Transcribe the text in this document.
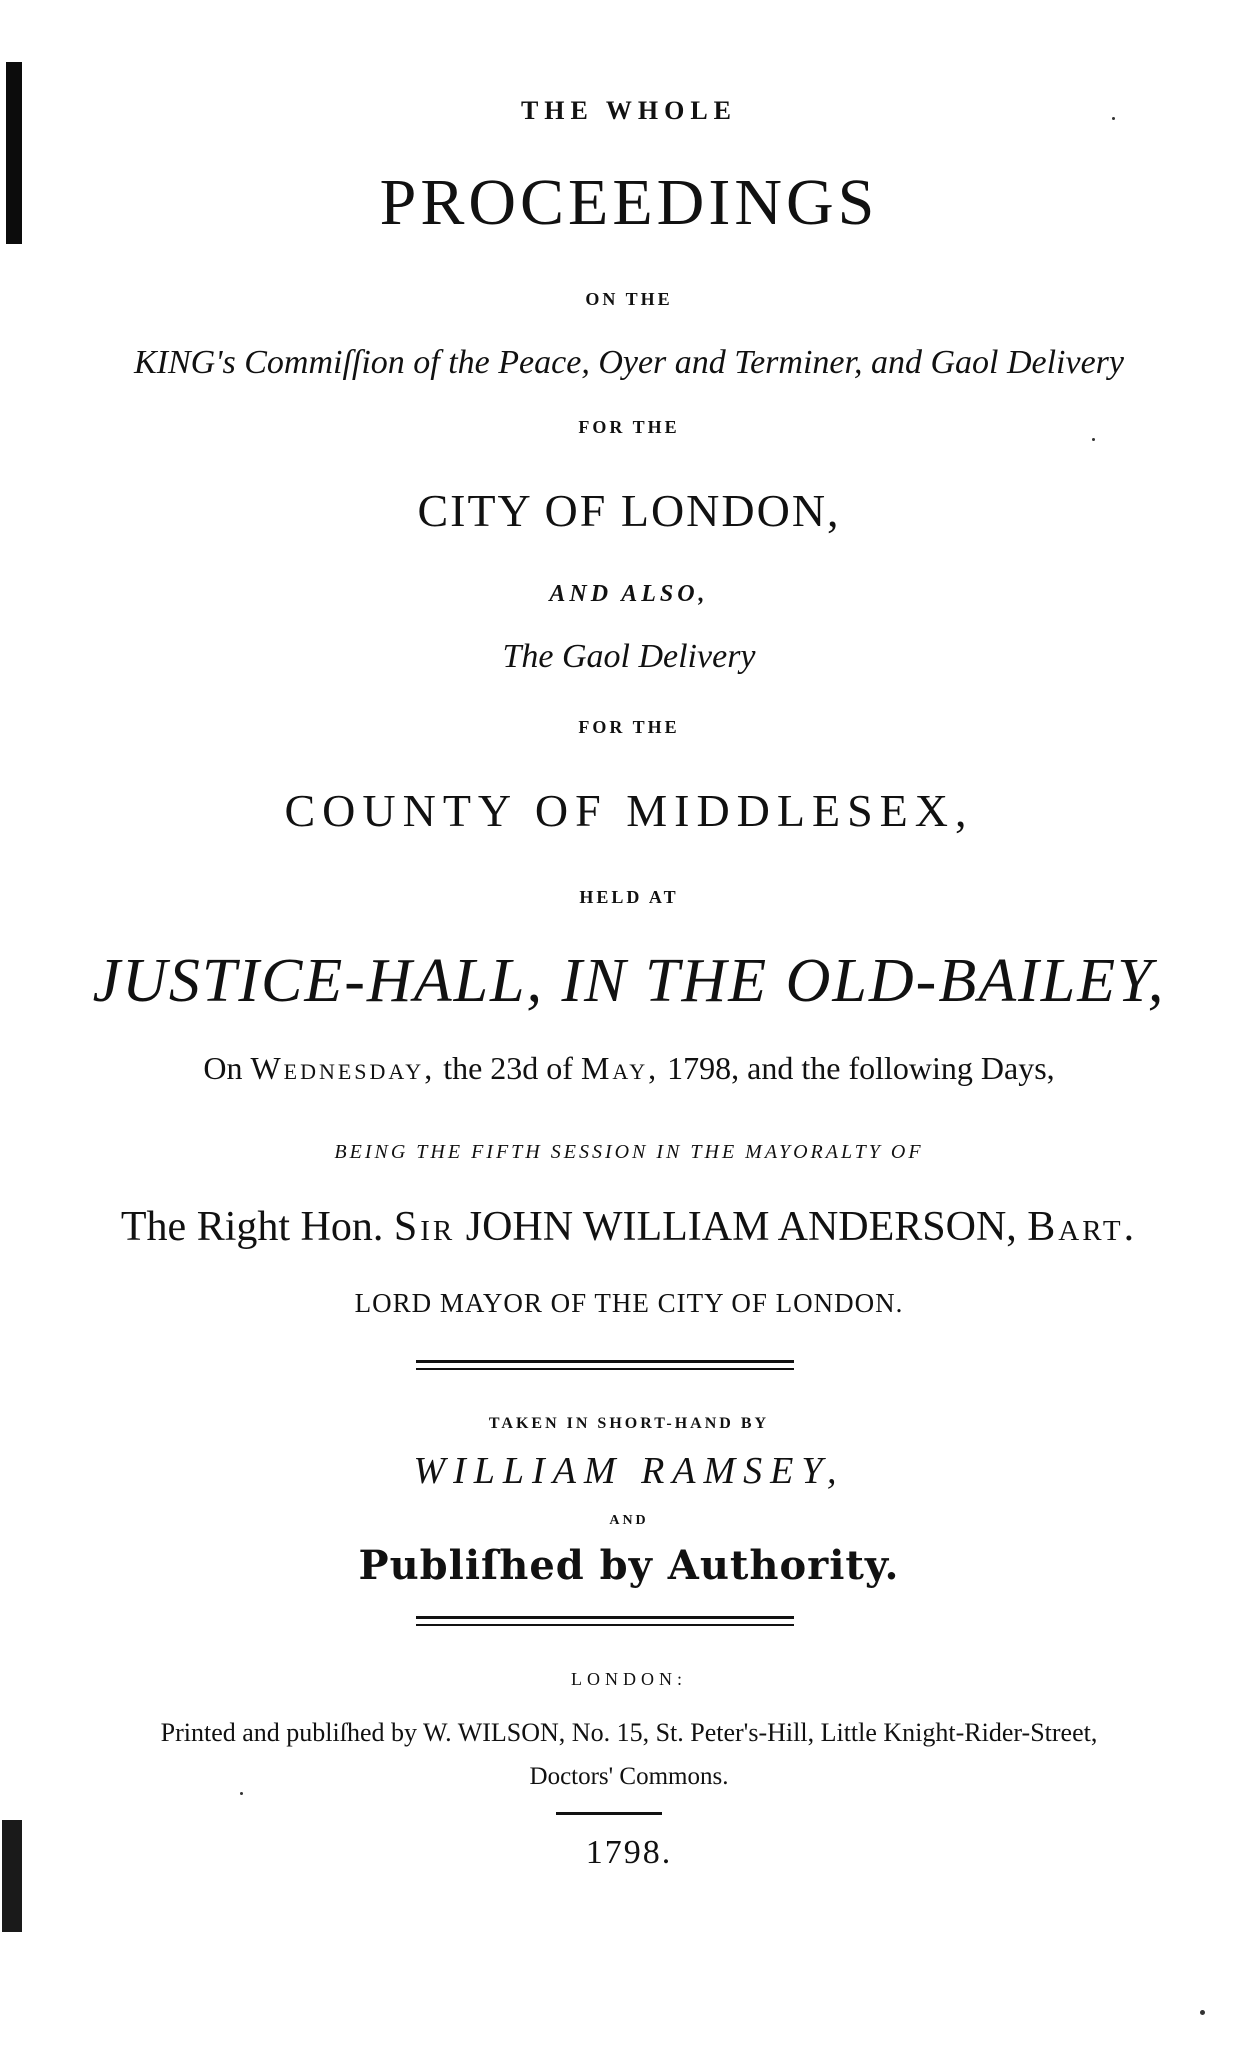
THE WHOLE
PROCEEDINGS
ON THE
KING's Commiſſion of the Peace, Oyer and Terminer, and Gaol Delivery
FOR THE
CITY OF LONDON,
AND ALSO,
The Gaol Delivery
FOR THE
COUNTY OF MIDDLESEX,
HELD AT
JUSTICE-HALL, IN THE OLD-BAILEY,
On Wednesday, the 23d of May, 1798, and the following Days,
BEING THE FIFTH SESSION IN THE MAYORALTY OF
The Right Hon. Sir JOHN WILLIAM ANDERSON, Bart.
LORD MAYOR OF THE CITY OF LONDON.
TAKEN IN SHORT-HAND BY
WILLIAM RAMSEY,
AND
Publiſhed by Authority.
LONDON:
Printed and publiſhed by W. WILSON, No. 15, St. Peter's-Hill, Little Knight-Rider-Street,
Doctors' Commons.
1798.
